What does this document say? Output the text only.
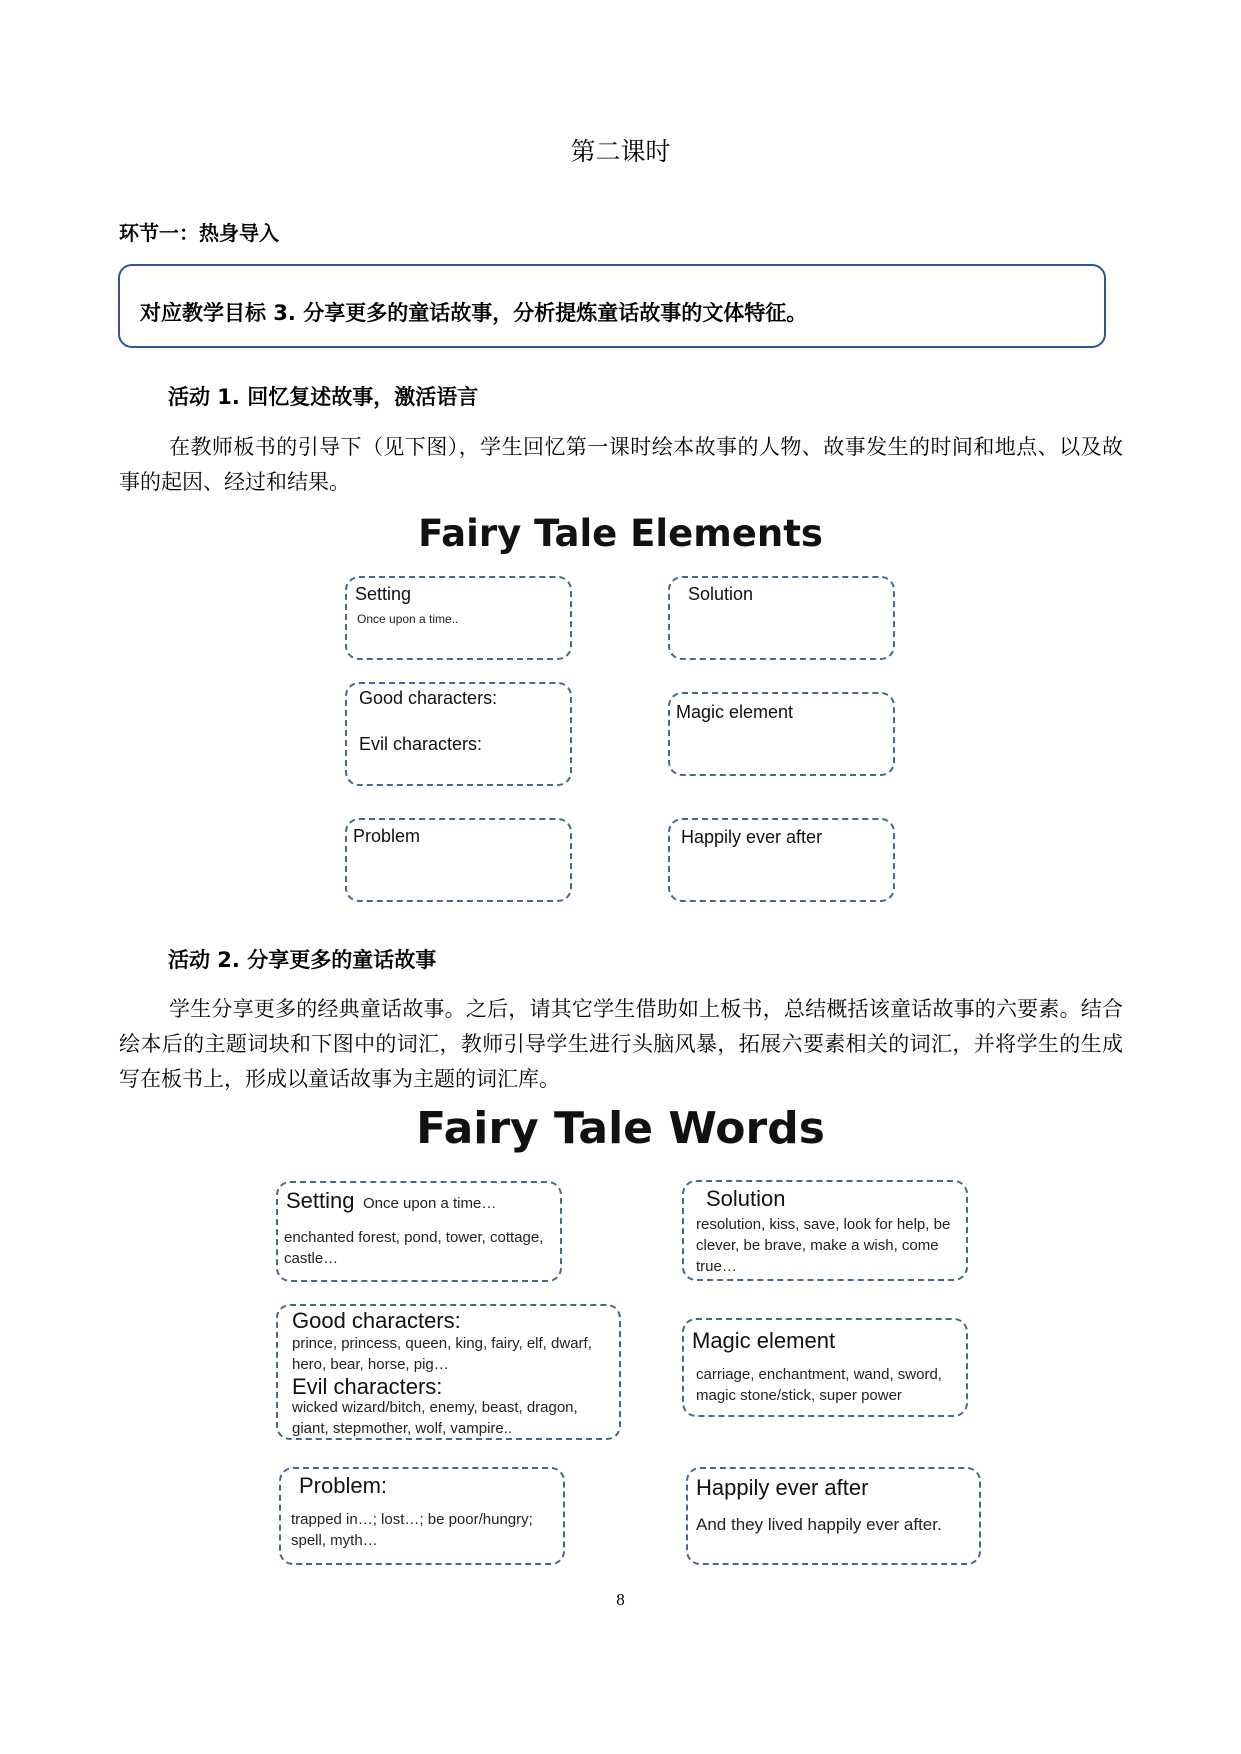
第二课时
环节一：热身导入
对应教学目标 3. 分享更多的童话故事，分析提炼童话故事的文体特征。
活动 1. 回忆复述故事，激活语言
在教师板书的引导下（见下图），学生回忆第一课时绘本故事的人物、故事发生的时间和地点、以及故事的起因、经过和结果。
Fairy Tale Elements
Setting
Once upon a time..
Solution
Good characters:
Evil characters:
Magic element
Problem	Happily ever after
活动 2. 分享更多的童话故事
学生分享更多的经典童话故事。之后，请其它学生借助如上板书，总结概括该童话故事的六要素。结合绘本后的主题词块和下图中的词汇，教师引导学生进行头脑风暴，拓展六要素相关的词汇，并将学生的生成写在板书上，形成以童话故事为主题的词汇库。
Fairy Tale Words
Setting Once upon a time…
enchanted forest, pond, tower, cottage, castle…
Solution
resolution, kiss, save, look for help, be clever, be brave, make a wish, come true…
Good characters:
prince, princess, queen, king, fairy, elf, dwarf, hero, bear, horse, pig…
Evil characters:
wicked wizard/bitch, enemy, beast, dragon, giant, stepmother, wolf, vampire..
Magic element
carriage, enchantment, wand, sword, magic stone/stick, super power
Problem:
trapped in…; lost…; be poor/hungry; spell, myth…
Happily ever after
And they lived happily ever after.
8
